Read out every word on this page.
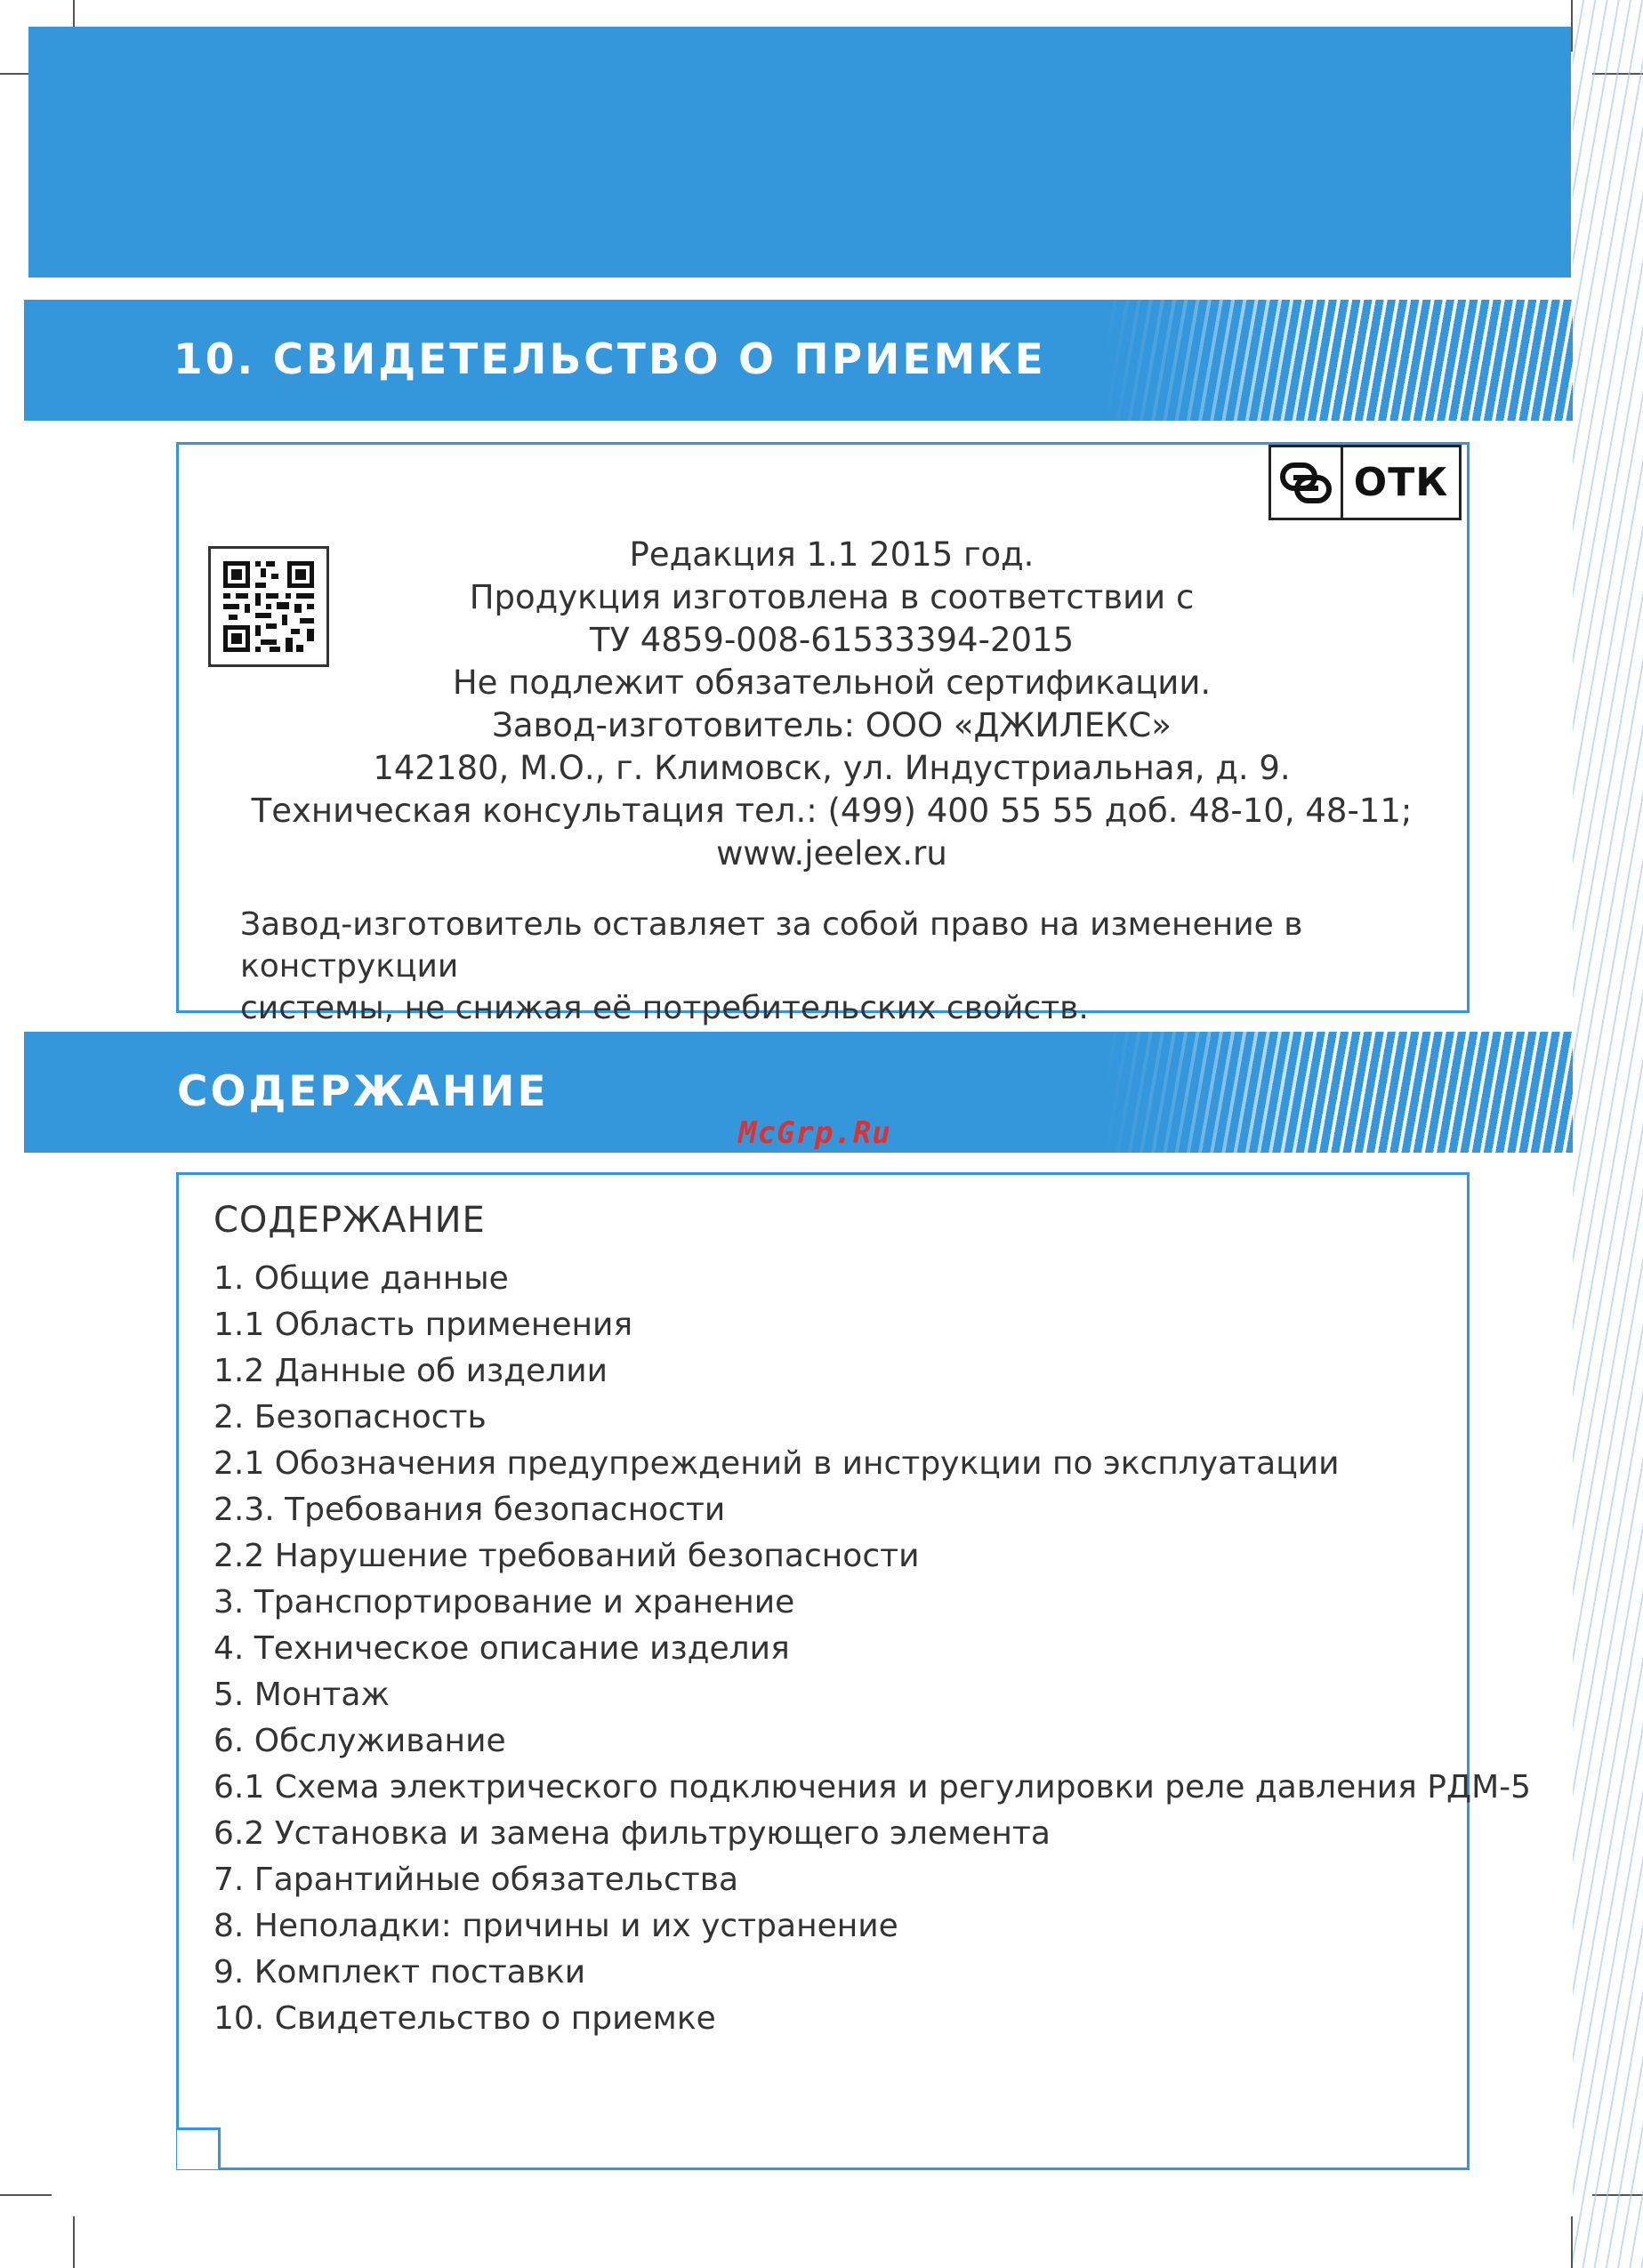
10. СВИДЕТЕЛЬСТВО О ПРИЕМКЕ
ОТК
Редакция 1.1 2015 год.
Продукция изготовлена в соответствии с
ТУ 4859-008-61533394-2015
Не подлежит обязательной сертификации.
Завод-изготовитель: ООО «ДЖИЛЕКС»
142180, М.О., г. Климовск, ул. Индустриальная, д. 9.
Техническая консультация тел.: (499) 400 55 55 доб. 48-10, 48-11;
www.jeelex.ru
Завод-изготовитель оставляет за собой право на изменение в конструкции
системы, не снижая её потребительских свойств.
СОДЕРЖАНИЕ
McGrp.Ru
СОДЕРЖАНИЕ
1. Общие данные
1.1 Область применения
1.2 Данные об изделии
2. Безопасность
2.1 Обозначения предупреждений в инструкции по эксплуатации
2.3. Требования безопасности
2.2 Нарушение требований безопасности
3. Транспортирование и хранение
4. Техническое описание изделия
5. Монтаж
6. Обслуживание
6.1 Схема электрического подключения и регулировки реле давления РДМ-5
6.2 Установка и замена фильтрующего элемента
7. Гарантийные обязательства
8. Неполадки: причины и их устранение
9. Комплект поставки
10. Свидетельство о приемке
